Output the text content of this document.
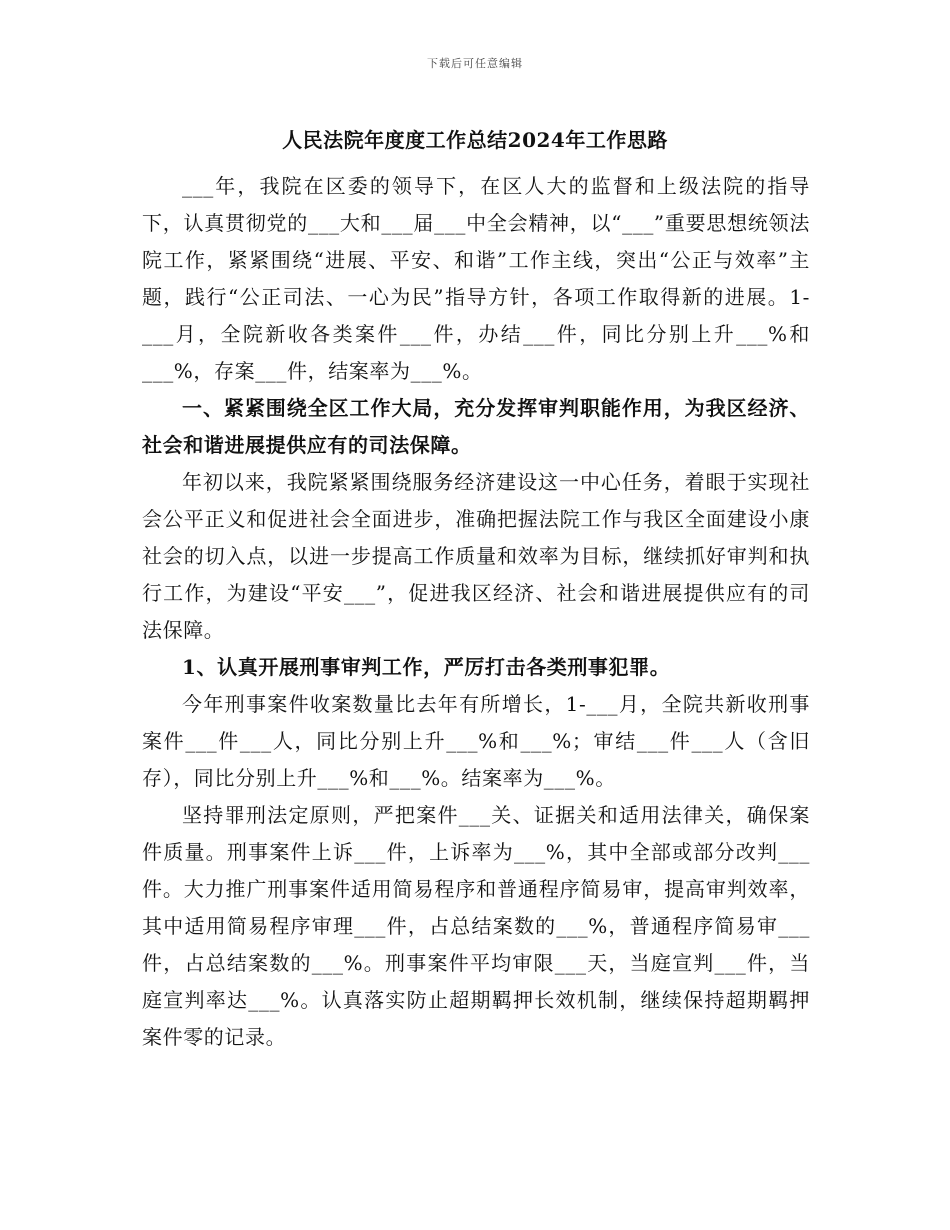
下载后可任意编辑
人民法院年度度工作总结2024年工作思路

___年，我院在区委的领导下，在区人大的监督和上级法院的指导下，认真贯彻党的___大和___届___中全会精神，以“___”重要思想统领法院工作，紧紧围绕“进展、平安、和谐”工作主线，突出“公正与效率”主题，践行“公正司法、一心为民”指导方针，各项工作取得新的进展。1-___月，全院新收各类案件___件，办结___件，同比分别上升___%和___%，存案___件，结案率为___%。

一、紧紧围绕全区工作大局，充分发挥审判职能作用，为我区经济、社会和谐进展提供应有的司法保障。

年初以来，我院紧紧围绕服务经济建设这一中心任务，着眼于实现社会公平正义和促进社会全面进步，准确把握法院工作与我区全面建设小康社会的切入点，以进一步提高工作质量和效率为目标，继续抓好审判和执行工作，为建设“平安___”，促进我区经济、社会和谐进展提供应有的司法保障。

1、认真开展刑事审判工作，严厉打击各类刑事犯罪。

今年刑事案件收案数量比去年有所增长，1-___月，全院共新收刑事案件___件___人，同比分别上升___%和___%；审结___件___人（含旧存），同比分别上升___%和___%。结案率为___%。

坚持罪刑法定原则，严把案件___关、证据关和适用法律关，确保案件质量。刑事案件上诉___件，上诉率为___%，其中全部或部分改判___件。大力推广刑事案件适用简易程序和普通程序简易审，提高审判效率，其中适用简易程序审理___件，占总结案数的___%，普通程序简易审___件，占总结案数的___%。刑事案件平均审限___天，当庭宣判___件，当庭宣判率达___%。认真落实防止超期羁押长效机制，继续保持超期羁押案件零的记录。
